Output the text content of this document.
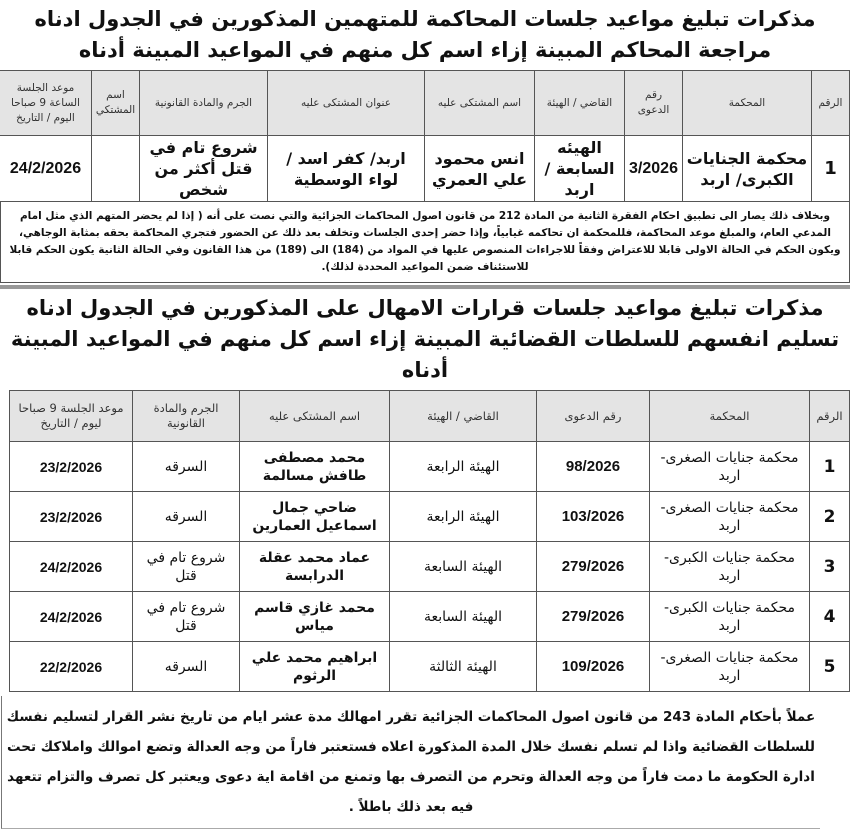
مذكرات تبليغ مواعيد جلسات المحاكمة للمتهمين المذكورين في الجدول ادناه مراجعة المحاكم المبينة إزاء اسم كل منهم في المواعيد المبينة أدناه
الرقم	المحكمة	رقم الدعوى	القاضي / الهيئة	اسم المشتكى عليه	عنوان المشتكى عليه	الجرم والمادة القانونية	اسم المشتكي	موعد الجلسة الساعة 9 صباحا اليوم / التاريخ
1	محكمة الجنايات الكبرى/ اربد	3/2026	الهيئه السابعة / اربد	انس محمود علي العمري	اربد/ كفر اسد / لواء الوسطية	شروع تام في قتل أكثر من شخص		24/2/2026
وبخلاف ذلك يصار الى تطبيق احكام الفقرة الثانية من المادة 212 من قانون اصول المحاكمات الجزائية والتي نصت على أنه ( إذا لم يحضر المتهم الذي مثل امام المدعي العام، والمبلغ موعد المحاكمة، فللمحكمة ان تحاكمه غيابياً، وإذا حضر إحدى الجلسات وتخلف بعد ذلك عن الحضور فتجري المحاكمة بحقه بمثابة الوجاهي، ويكون الحكم في الحالة الاولى قابلا للاعتراض وفقاً للاجراءات المنصوص عليها في المواد من (184) الى (189) من هذا القانون وفي الحالة الثانية يكون الحكم قابلا للاستئناف ضمن المواعيد المحددة لذلك).
مذكرات تبليغ مواعيد جلسات قرارات الامهال على المذكورين في الجدول ادناه تسليم انفسهم للسلطات القضائية المبينة إزاء اسم كل منهم في المواعيد المبينة أدناه
الرقم	المحكمة	رقم الدعوى	القاضي / الهيئة	اسم المشتكى عليه	الجرم والمادة القانونية	موعد الجلسة 9 صباحا ليوم / التاريخ
1	محكمة جنايات الصغرى- اربد	98/2026	الهيئة الرابعة	محمد مصطفى طافش مسالمة	السرقه	23/2/2026
2	محكمة جنايات الصغرى- اربد	103/2026	الهيئة الرابعة	ضاحي جمال اسماعيل العمارين	السرقه	23/2/2026
3	محكمة جنايات الكبرى- اربد	279/2026	الهيئة السابعة	عماد محمد عقلة الدرابسة	شروع تام في قتل	24/2/2026
4	محكمة جنايات الكبرى- اربد	279/2026	الهيئة السابعة	محمد غازي قاسم مياس	شروع تام في قتل	24/2/2026
5	محكمة جنايات الصغرى- اربد	109/2026	الهيئة الثالثة	ابراهيم محمد علي الرثوم	السرقه	22/2/2026
عملاً بأحكام المادة 243 من قانون اصول المحاكمات الجزائية تقرر امهالك مدة عشر ايام من تاريخ نشر القرار لتسليم نفسك للسلطات القضائية واذا لم تسلم نفسك خلال المدة المذكورة اعلاه فستعتبر فاراً من وجه العدالة وتضع اموالك واملاكك تحت ادارة الحكومة ما دمت فاراً من وجه العدالة وتحرم من التصرف بها وتمنع من اقامة اية دعوى ويعتبر كل تصرف والتزام تتعهد فيه بعد ذلك باطلاً .
